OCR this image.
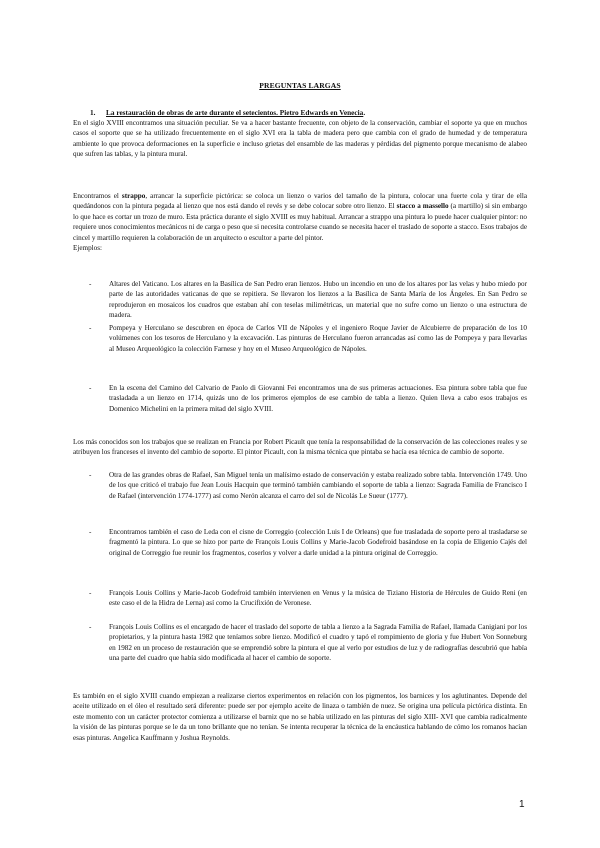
PREGUNTAS LARGAS
1. La restauración de obras de arte durante el setecientos. Pietro Edwards en Venecia.
En el siglo XVIII encontramos una situación peculiar. Se va a hacer bastante frecuente, con objeto de la conservación, cambiar el soporte ya que en muchos casos el soporte que se ha utilizado frecuentemente en el siglo XVI era la tabla de madera pero que cambia con el grado de humedad y de temperatura ambiente lo que provoca deformaciones en la superficie e incluso grietas del ensamble de las maderas y pérdidas del pigmento porque mecanismo de alabeo que sufren las tablas, y la pintura mural.
Encontramos el strappo, arrancar la superficie pictórica: se coloca un lienzo o varios del tamaño de la pintura, colocar una fuerte cola y tirar de ella quedándonos con la pintura pegada al lienzo que nos está dando el revés y se debe colocar sobre otro lienzo. El stacco a massello (a martillo) si sin embargo lo que hace es cortar un trozo de muro. Esta práctica durante el siglo XVIII es muy habitual. Arrancar a strappo una pintura lo puede hacer cualquier pintor: no requiere unos conocimientos mecánicos ni de carga o peso que si necesita controlarse cuando se necesita hacer el traslado de soporte a stacco. Esos trabajos de cincel y martillo requieren la colaboración de un arquitecto o escultor a parte del pintor.
Ejemplos:
- Altares del Vaticano. Los altares en la Basílica de San Pedro eran lienzos. Hubo un incendio en uno de los altares por las velas y hubo miedo por parte de las autoridades vaticanas de que se repitiera. Se llevaron los lienzos a la Basílica de Santa María de los Ángeles. En San Pedro se reprodujeron en mosaicos los cuadros que estaban ahí con teselas milimétricas, un material que no sufre como un lienzo o una estructura de madera.
- Pompeya y Herculano se descubren en época de Carlos VII de Nápoles y el ingeniero Roque Javier de Alcubierre de preparación de los 10 volúmenes con los tesoros de Herculano y la excavación. Las pinturas de Herculano fueron arrancadas así como las de Pompeya y para llevarlas al Museo Arqueológico la colección Farnese y hoy en el Museo Arqueológico de Nápoles.
- En la escena del Camino del Calvario de Paolo di Giovanni Fei encontramos una de sus primeras actuaciones. Esa pintura sobre tabla que fue trasladada a un lienzo en 1714, quizás uno de los primeros ejemplos de ese cambio de tabla a lienzo. Quien lleva a cabo esos trabajos es Domenico Michelini en la primera mitad del siglo XVIII.
Los más conocidos son los trabajos que se realizan en Francia por Robert Picault que tenía la responsabilidad de la conservación de las colecciones reales y se atribuyen los franceses el invento del cambio de soporte. El pintor Picault, con la misma técnica que pintaba se hacía esa técnica de cambio de soporte.
- Otra de las grandes obras de Rafael, San Miguel tenía un malísimo estado de conservación y estaba realizado sobre tabla. Intervención 1749. Uno de los que criticó el trabajo fue Jean Louis Hacquin que terminó también cambiando el soporte de tabla a lienzo: Sagrada Familia de Francisco I de Rafael (intervención 1774-1777) así como Nerón alcanza el carro del sol de Nicolás Le Sueur (1777).
- Encontramos también el caso de Leda con el cisne de Correggio (colección Luis I de Orleans) que fue trasladada de soporte pero al trasladarse se fragmentó la pintura. Lo que se hizo por parte de François Louis Collins y Marie-Jacob Godefroid basándose en la copia de Eligenio Cajés del original de Correggio fue reunir los fragmentos, coserlos y volver a darle unidad a la pintura original de Correggio.
- François Louis Collins y Marie-Jacob Godefroid también intervienen en Venus y la música de Tiziano Historia de Hércules de Guido Reni (en este caso el de la Hidra de Lerna) así como la Crucifixión de Veronese.
- François Louis Collins es el encargado de hacer el traslado del soporte de tabla a lienzo a la Sagrada Familia de Rafael, llamada Canigiani por los propietarios, y la pintura hasta 1982 que teníamos sobre lienzo. Modificó el cuadro y tapó el rompimiento de gloria y fue Hubert Von Sonneburg en 1982 en un proceso de restauración que se emprendió sobre la pintura el que al verlo por estudios de luz y de radiografías descubrió que había una parte del cuadro que había sido modificada al hacer el cambio de soporte.
Es también en el siglo XVIII cuando empiezan a realizarse ciertos experimentos en relación con los pigmentos, los barnices y los aglutinantes. Depende del aceite utilizado en el óleo el resultado será diferente: puede ser por ejemplo aceite de linaza o también de nuez. Se origina una película pictórica distinta. En este momento con un carácter protector comienza a utilizarse el barniz que no se había utilizado en las pinturas del siglo XIII- XVI que cambia radicalmente la visión de las pinturas porque se le da un tono brillante que no tenían. Se intenta recuperar la técnica de la encáustica hablando de cómo los romanos hacían esas pinturas. Angelica Kauffmann y Joshua Reynolds.
1
